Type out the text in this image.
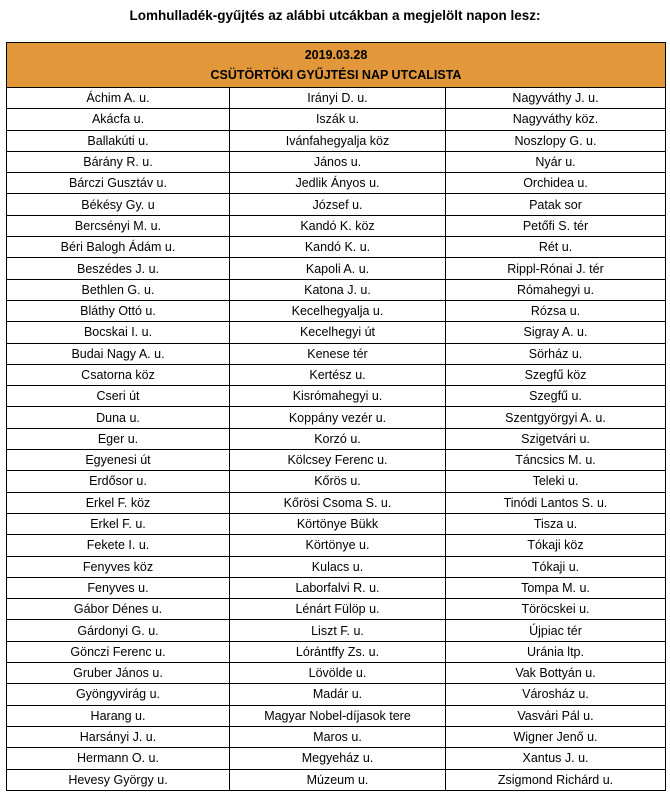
Lomhulladék-gyűjtés az alábbi utcákban a megjelölt napon lesz:
2019.03.28
CSÜTÖRTÖKI GYŰJTÉSI NAP UTCALISTA		

Áchim A. u.	Irányi D. u.	Nagyváthy J. u.
Akácfa u.	Iszák u.	Nagyváthy köz.
Ballakúti u.	Ivánfahegyalja köz	Noszlopy G. u.
Bárány R. u.	János u.	Nyár u.
Bárczi Gusztáv u.	Jedlik Ányos u.	Orchidea u.
Békésy Gy. u	József u.	Patak sor
Bercsényi M. u.	Kandó K. köz	Petőfi S. tér
Béri Balogh Ádám u.	Kandó K. u.	Rét u.
Beszédes J. u.	Kapoli A. u.	Rippl-Rónai J. tér
Bethlen G. u.	Katona J. u.	Rómahegyi u.
Bláthy Ottó u.	Kecelhegyalja u.	Rózsa u.
Bocskai I. u.	Kecelhegyi út	Sigray A. u.
Budai Nagy A. u.	Kenese tér	Sörház u.
Csatorna köz	Kertész u.	Szegfű köz
Cseri út	Kisrómahegyi u.	Szegfű u.
Duna u.	Koppány vezér u.	Szentgyörgyi A. u.
Eger u.	Korzó u.	Szigetvári u.
Egyenesi út	Kölcsey Ferenc u.	Táncsics M. u.
Erdősor u.	Kőrös u.	Teleki u.
Erkel F. köz	Kőrösi Csoma S. u.	Tinódi Lantos S. u.
Erkel F. u.	Körtönye Bükk	Tisza u.
Fekete I. u.	Körtönye u.	Tókaji köz
Fenyves köz	Kulacs u.	Tókaji u.
Fenyves u.	Laborfalvi R. u.	Tompa M. u.
Gábor Dénes u.	Lénárt Fülöp u.	Töröcskei u.
Gárdonyi G. u.	Liszt F. u.	Újpiac tér
Gönczi Ferenc u.	Lórántffy Zs. u.	Uránia ltp.
Gruber János u.	Lövölde u.	Vak Bottyán u.
Gyöngyvirág u.	Madár u.	Városház u.
Harang u.	Magyar Nobel-díjasok tere	Vasvári Pál u.
Harsányi J. u.	Maros u.	Wigner Jenő u.
Hermann O. u.	Megyeház u.	Xantus J. u.
Hevesy György u.	Múzeum u.	Zsigmond Richárd u.
